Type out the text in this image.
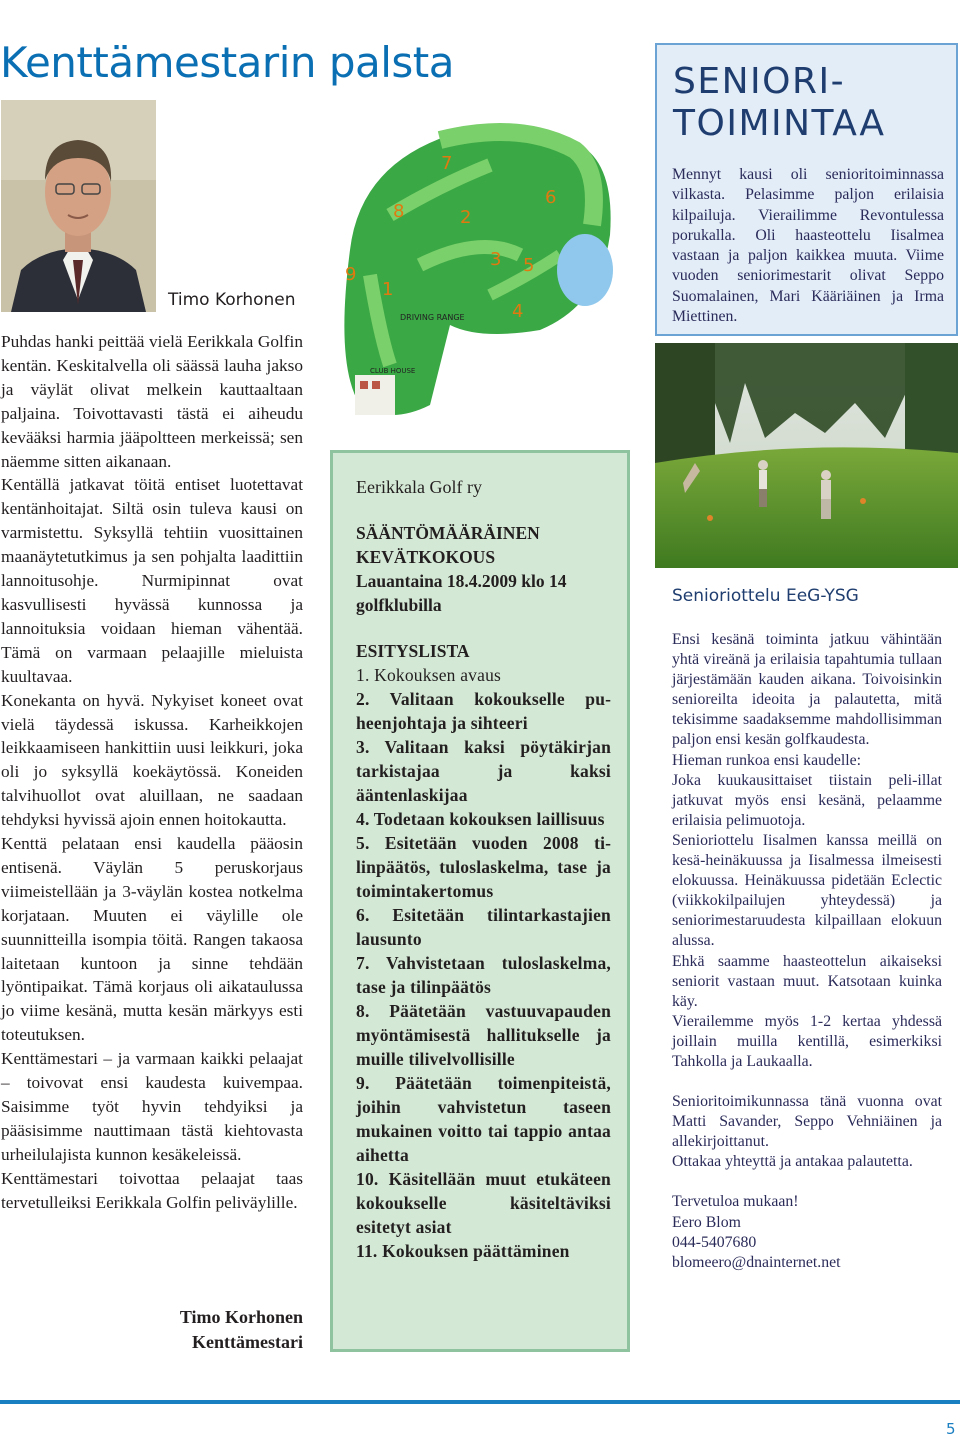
Kenttämestarin palsta
Timo Korhonen

Puhdas hanki peittää vielä Eerikkala Golfin kentän. Keskitalvella oli säässä lauha jakso ja väylät olivat melkein kauttaaltaan paljaina. Toivottavasti tästä ei aiheudu kevääksi harmia jääpoltteen merkeissä; sen näemme sitten aikanaan.

Kentällä jatkavat töitä entiset luotettavat kentänhoitajat. Siltä osin tuleva kausi on varmistettu. Syksyllä tehtiin vuosittainen maanäytetutkimus ja sen pohjalta laadittiin lannoitusohje. Nurmipinnat ovat kasvullisesti hyvässä kunnossa ja lannoituksia voidaan hieman vähentää. Tämä on varmaan pelaajille mieluista kuultavaa.

Konekanta on hyvä. Nykyiset koneet ovat vielä täydessä iskussa. Karheikkojen leikkaamiseen hankittiin uusi leikkuri, joka oli jo syksyllä koekäytössä. Koneiden talvihuollot ovat aluillaan, ne saadaan tehdyksi hyvissä ajoin ennen hoitokautta.

Kenttä pelataan ensi kaudella pääosin entisenä. Väylän 5 peruskorjaus viimeistellään ja 3-väylän kostea notkelma korjataan. Muuten ei väylille ole suunnitteilla isompia töitä. Rangen takaosa laitetaan kuntoon ja sinne tehdään lyöntipaikat. Tämä korjaus oli aikataulussa jo viime kesänä, mutta kesän märkyys esti toteutuksen.

Kenttämestari – ja varmaan kaikki pelaajat – toivovat ensi kaudesta kuivempaa. Saisimme työt hyvin tehdyiksi ja pääsisimme nauttimaan tästä kiehtovasta urheilulajista kunnon kesäkeleissä.

Kenttämestari toivottaa pelaajat taas tervetulleiksi Eerikkala Golfin peliväylille.

Timo Korhonen
Kenttämestari
DRIVING RANGE
CLUB HOUSE
1
2
3
4
5
6
7
8
9
Eerikkala Golf ry
SÄÄNTÖMÄÄRÄINEN KEVÄTKOKOUS
Lauantaina 18.4.2009 klo 14 golfklubilla
ESITYSLISTA
1. Kokouksen avaus
2. Valitaan kokoukselle puheenjohtaja ja sihteeri
3. Valitaan kaksi pöytäkirjan tarkistajaa ja kaksi ääntenlaskijaa
4. Todetaan kokouksen laillisuus
5. Esitetään vuoden 2008 tilinpäätös, tuloslaskelma, tase ja toimintakertomus
6. Esitetään tilintarkastajien lausunto
7. Vahvistetaan tuloslaskelma, tase ja tilinpäätös
8. Päätetään vastuuvapauden myöntämisestä hallitukselle ja muille tilivelvollisille
9. Päätetään toimenpiteistä, joihin vahvistetun taseen mukainen voitto tai tappio antaa aihetta
10. Käsitellään muut etukäteen kokoukselle käsiteltäviksi esitetyt asiat
11. Kokouksen päättäminen
SENIORI-
TOIMINTAA
Mennyt kausi oli senioritoiminnassa vilkasta. Pelasimme paljon erilaisia kilpailuja. Vierailimme Revontulessa porukalla. Oli haasteottelu Iisalmea vastaan ja paljon kaikkea muuta. Viime vuoden seniorimestarit olivat Seppo Suomalainen, Mari Kääriäinen ja Irma Miettinen.
Senioriottelu EeG-YSG
Ensi kesänä toiminta jatkuu vähintään yhtä vireänä ja erilaisia tapahtumia tullaan järjestämään kauden aikana. Toivoisinkin senioreilta ideoita ja palautetta, mitä tekisimme saadaksemme mahdollisimman paljon ensi kesän golfkaudesta.
Hieman runkoa ensi kaudelle:
Joka kuukausittaiset tiistain peli-illat jatkuvat myös ensi kesänä, pelaamme erilaisia pelimuotoja.
Senioriottelu Iisalmen kanssa meillä on kesä-heinäkuussa ja Iisalmessa ilmeisesti elokuussa. Heinäkuussa pidetään Eclectic (viikkokilpailujen yhteydessä) ja seniorimestaruudesta kilpaillaan elokuun alussa.
Ehkä saamme haasteottelun aikaiseksi seniorit vastaan muut. Katsotaan kuinka käy.
Vierailemme myös 1-2 kertaa yhdessä joillain muilla kentillä, esimerkiksi Tahkolla ja Laukaalla.
Senioritoimikunnassa tänä vuonna ovat Matti Savander, Seppo Vehniäinen ja allekirjoittanut.
Ottakaa yhteyttä ja antakaa palautetta.
Tervetuloa mukaan!
Eero Blom
044-5407680
blomeero@dnainternet.net
5
